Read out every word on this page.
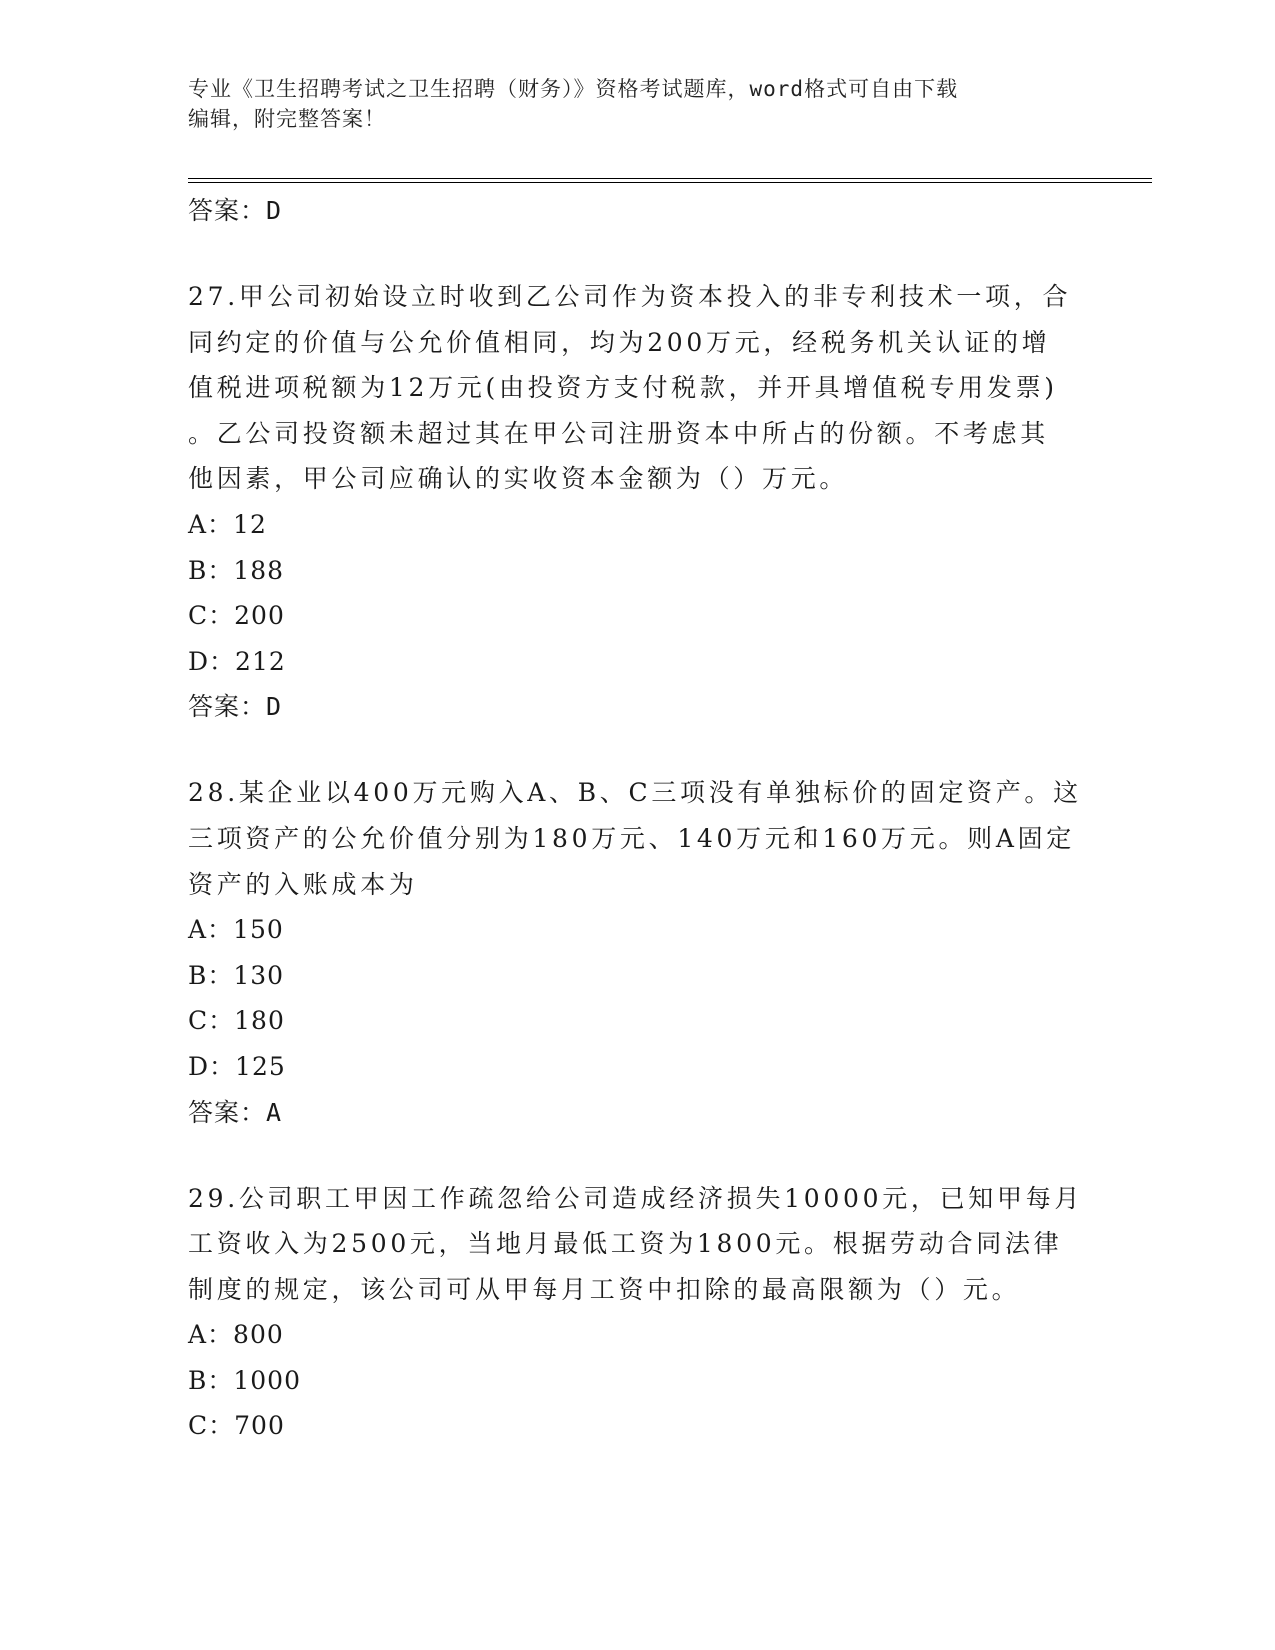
专业《卫生招聘考试之卫生招聘（财务）》资格考试题库，word格式可自由下载
编辑，附完整答案！
答案：D

27.甲公司初始设立时收到乙公司作为资本投入的非专利技术一项，合

同约定的价值与公允价值相同，均为200万元，经税务机关认证的增

值税进项税额为12万元(由投资方支付税款，并开具增值税专用发票)

。乙公司投资额未超过其在甲公司注册资本中所占的份额。不考虑其

他因素，甲公司应确认的实收资本金额为（）万元。

A：12
B：188
C：200
D：212
答案：D

28.某企业以400万元购入A、B、C三项没有单独标价的固定资产。这

三项资产的公允价值分别为180万元、140万元和160万元。则A固定

资产的入账成本为

A：150
B：130
C：180
D：125
答案：A

29.公司职工甲因工作疏忽给公司造成经济损失10000元，已知甲每月

工资收入为2500元，当地月最低工资为1800元。根据劳动合同法律

制度的规定，该公司可从甲每月工资中扣除的最高限额为（）元。

A：800
B：1000
C：700
